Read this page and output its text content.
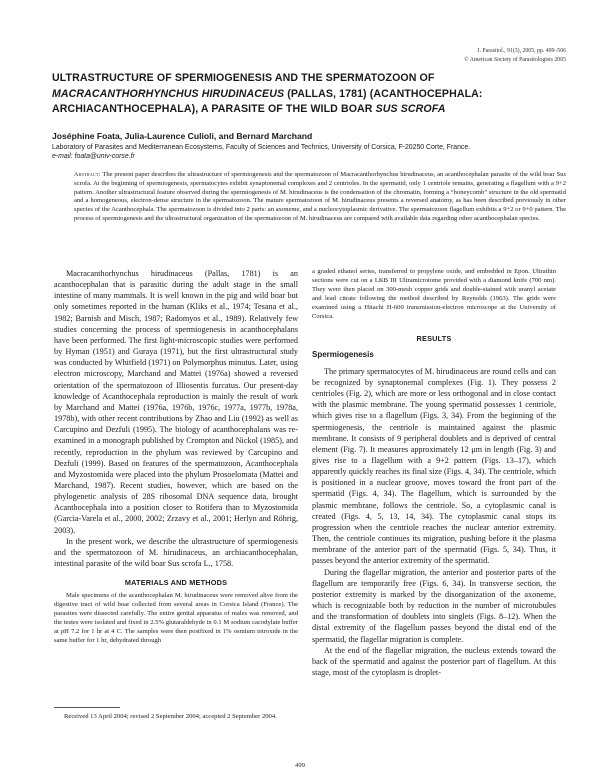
J. Parasitol., 91(3), 2005, pp. 499–506
© American Society of Parasitologists 2005
ULTRASTRUCTURE OF SPERMIOGENESIS AND THE SPERMATOZOON OF
MACRACANTHORHYNCHUS HIRUDINACEUS (PALLAS, 1781) (ACANTHOCEPHALA: ARCHIACANTHOCEPHALA), A PARASITE OF THE WILD BOAR SUS SCROFA
Joséphine Foata, Julia-Laurence Culioli, and Bernard Marchand
Laboratory of Parasites and Mediterranean Ecosystems, Faculty of Sciences and Technics, University of Corsica, F-20250 Corte, France.
e-mail: foata@univ-corse.fr
Abstract: The present paper describes the ultrastructure of spermiogenesis and the spermatozoon of Macracanthorhynchus hirudinaceus, an acanthocephalan parasite of the wild boar Sus scrofa. At the beginning of spermiogenesis, spermatocytes exhibit synaptonemal complexes and 2 centrioles. In the spermatid, only 1 centriole remains, generating a flagellum with a 9+2 pattern. Another ultrastructural feature observed during the spermiogenesis of M. hirudinaceus is the condensation of the chromatin, forming a “honeycomb” structure in the old spermatid and a homogeneous, electron-dense structure in the spermatozoon. The mature spermatozoon of M. hirudinaceus presents a reversed anatomy, as has been described previously in other species of the Acanthocephala. The spermatozoon is divided into 2 parts: an axoneme, and a nucleocytoplasmic derivative. The spermatozoon flagellum exhibits a 9+2 or 9+0 pattern. The process of spermiogenesis and the ultrastructural organization of the spermatozoon of M. hirudinaceus are compared with available data regarding other acanthocephalan species.

Macracanthorhynchus hirudinaceus (Pallas, 1781) is an acanthocephalan that is parasitic during the adult stage in the small intestine of many mammals. It is well known in the pig and wild boar but only sometimes reported in the human (Kliks et al., 1974; Tesana et al., 1982; Barnish and Misch, 1987; Radomyos et al., 1989). Relatively few studies concerning the process of spermiogenesis in acanthocephalans have been performed. The first light-microscopic studies were performed by Hyman (1951) and Guraya (1971), but the first ultrastructural study was conducted by Whitfield (1971) on Polymorphus minutus. Later, using electron microscopy, Marchand and Mattei (1976a) showed a reversed orientation of the spermatozoon of Illiosentis furcatus. Our present-day knowledge of Acanthocephala reproduction is mainly the result of work by Marchand and Mattei (1976a, 1976b, 1976c, 1977a, 1977b, 1978a, 1978b), with other recent contributions by Zhao and Liu (1992) as well as Carcupino and Dezfuli (1995). The biology of acanthocephalans was re-examined in a monograph published by Crompton and Nickol (1985), and recently, reproduction in the phylum was reviewed by Carcupino and Dezfuli (1999). Based on features of the spermatozoon, Acanthocephala and Myzostomida were placed into the phylum Prosoelomata (Mattei and Marchand, 1987). Recent studies, however, which are based on the phylogenetic analysis of 28S ribosomal DNA sequence data, brought Acanthocephala into a position closer to Rotifera than to Myzostomida (Garcia-Varela et al., 2000, 2002; Zrzavy et al., 2001; Herlyn and Röhrig, 2003).

In the present work, we describe the ultrastructure of spermiogenesis and the spermatozoon of M. hirudinaceus, an archiacanthocephalan, intestinal parasite of the wild boar Sus scrofa L., 1758.

MATERIALS AND METHODS

Male specimens of the acanthocephalan M. hirudinaceus were removed alive from the digestive tract of wild boar collected from several areas in Corsica Island (France). The parasites were dissected carefully. The entire genital apparatus of males was removed, and the testes were isolated and fixed in 2.5% glutaraldehyde in 0.1 M sodium cacodylate buffer at pH 7.2 for 1 hr at 4 C. The samples were then postfixed in 1% osmium tetroxide in the same buffer for 1 hr, dehydrated through

Received 13 April 2004; revised 2 September 2004; accepted 2 September 2004.

a graded ethanol series, transferred to propylene oxide, and embedded in Epon. Ultrathin sections were cut on a LKB III Ultramicrotome provided with a diamond knife (700 nm). They were then placed on 300-mesh copper grids and double-stained with uranyl acetate and lead citrate following the method described by Reynolds (1963). The grids were examined using a Hitachi H-600 transmission-electron microscope at the University of Corsica.

RESULTS
Spermiogenesis

The primary spermatocytes of M. hirudinaceus are round cells and can be recognized by synaptonemal complexes (Fig. 1). They possess 2 centrioles (Fig. 2), which are more or less orthogonal and in close contact with the plasmic membrane. The young spermatid possesses 1 centriole, which gives rise to a flagellum (Figs. 3, 34). From the beginning of the spermiogenesis, the centriole is maintained against the plasmic membrane. It consists of 9 peripheral doublets and is deprived of central element (Fig. 7). It measures approximately 12 μm in length (Fig. 3) and gives rise to a flagellum with a 9+2 pattern (Figs. 13–17), which apparently quickly reaches its final size (Figs. 4, 34). The centriole, which is positioned in a nuclear groove, moves toward the front part of the spermatid (Figs. 4, 34). The flagellum, which is surrounded by the plasmic membrane, follows the centriole. So, a cytoplasmic canal is created (Figs. 4, 5, 13, 14, 34). The cytoplasmic canal stops its progression when the centriole reaches the nuclear anterior extremity. Then, the centriole continues its migration, pushing before it the plasma membrane of the anterior part of the spermatid (Figs. 5, 34). Thus, it passes beyond the anterior extremity of the spermatid.

During the flagellar migration, the anterior and posterior parts of the flagellum are temporarily free (Figs. 6, 34). In transverse section, the posterior extremity is marked by the disorganization of the axoneme, which is recognizable both by reduction in the number of microtubules and the transformation of doublets into singlets (Figs. 8–12). When the distal extremity of the flagellum passes beyond the distal end of the spermatid, the flagellar migration is complete.

At the end of the flagellar migration, the nucleus extends toward the back of the spermatid and against the posterior part of flagellum. At this stage, most of the cytoplasm is droplet-

499
